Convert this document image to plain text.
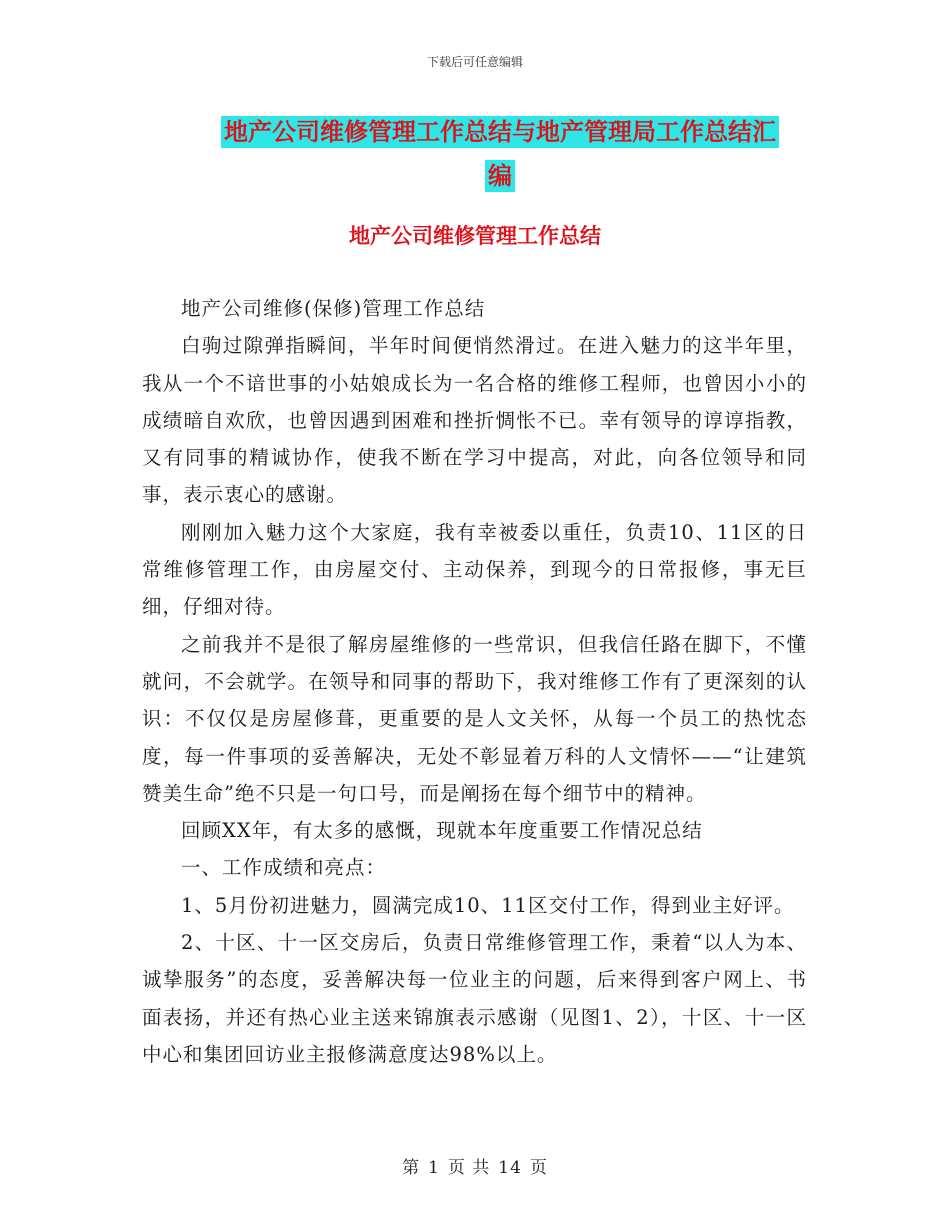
下载后可任意编辑
地产公司维修管理工作总结与地产管理局工作总结汇
编
地产公司维修管理工作总结

地产公司维修(保修)管理工作总结

白驹过隙弹指瞬间，半年时间便悄然滑过。在进入魅力的这半年里，我从一个不谙世事的小姑娘成长为一名合格的维修工程师，也曾因小小的成绩暗自欢欣，也曾因遇到困难和挫折惆怅不已。幸有领导的谆谆指教，又有同事的精诚协作，使我不断在学习中提高，对此，向各位领导和同事，表示衷心的感谢。

刚刚加入魅力这个大家庭，我有幸被委以重任，负责10、11区的日常维修管理工作，由房屋交付、主动保养，到现今的日常报修，事无巨细，仔细对待。

之前我并不是很了解房屋维修的一些常识，但我信任路在脚下，不懂就问，不会就学。在领导和同事的帮助下，我对维修工作有了更深刻的认识：不仅仅是房屋修葺，更重要的是人文关怀，从每一个员工的热忱态度，每一件事项的妥善解决，无处不彰显着万科的人文情怀——“让建筑赞美生命”绝不只是一句口号，而是阐扬在每个细节中的精神。

回顾XX年，有太多的感慨，现就本年度重要工作情况总结

一、工作成绩和亮点：

1、5月份初进魅力，圆满完成10、11区交付工作，得到业主好评。

2、十区、十一区交房后，负责日常维修管理工作，秉着“以人为本、诚挚服务”的态度，妥善解决每一位业主的问题，后来得到客户网上、书面表扬，并还有热心业主送来锦旗表示感谢（见图1、2），十区、十一区中心和集团回访业主报修满意度达98%以上。

第 1 页 共 14 页
